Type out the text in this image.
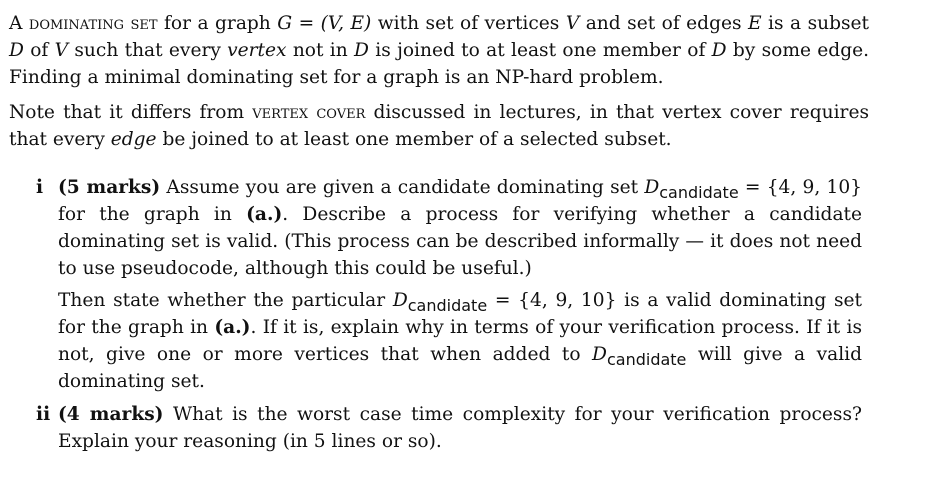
A dominating set for a graph G = (V, E) with set of vertices V and set of edges E is a subset D of V such that every vertex not in D is joined to at least one member of D by some edge. Finding a minimal dominating set for a graph is an NP-hard problem.
Note that it differs from vertex cover discussed in lectures, in that vertex cover requires that every edge be joined to at least one member of a selected subset.
i (5 marks) Assume you are given a candidate dominating set Dcandidate = {4, 9, 10} for the graph in (a.). Describe a process for verifying whether a candidate dominating set is valid. (This process can be described informally — it does not need to use pseudocode, although this could be useful.)
Then state whether the particular Dcandidate = {4, 9, 10} is a valid dominating set for the graph in (a.). If it is, explain why in terms of your verification process. If it is not, give one or more vertices that when added to Dcandidate will give a valid dominating set.
ii (4 marks) What is the worst case time complexity for your verification process? Explain your reasoning (in 5 lines or so).
